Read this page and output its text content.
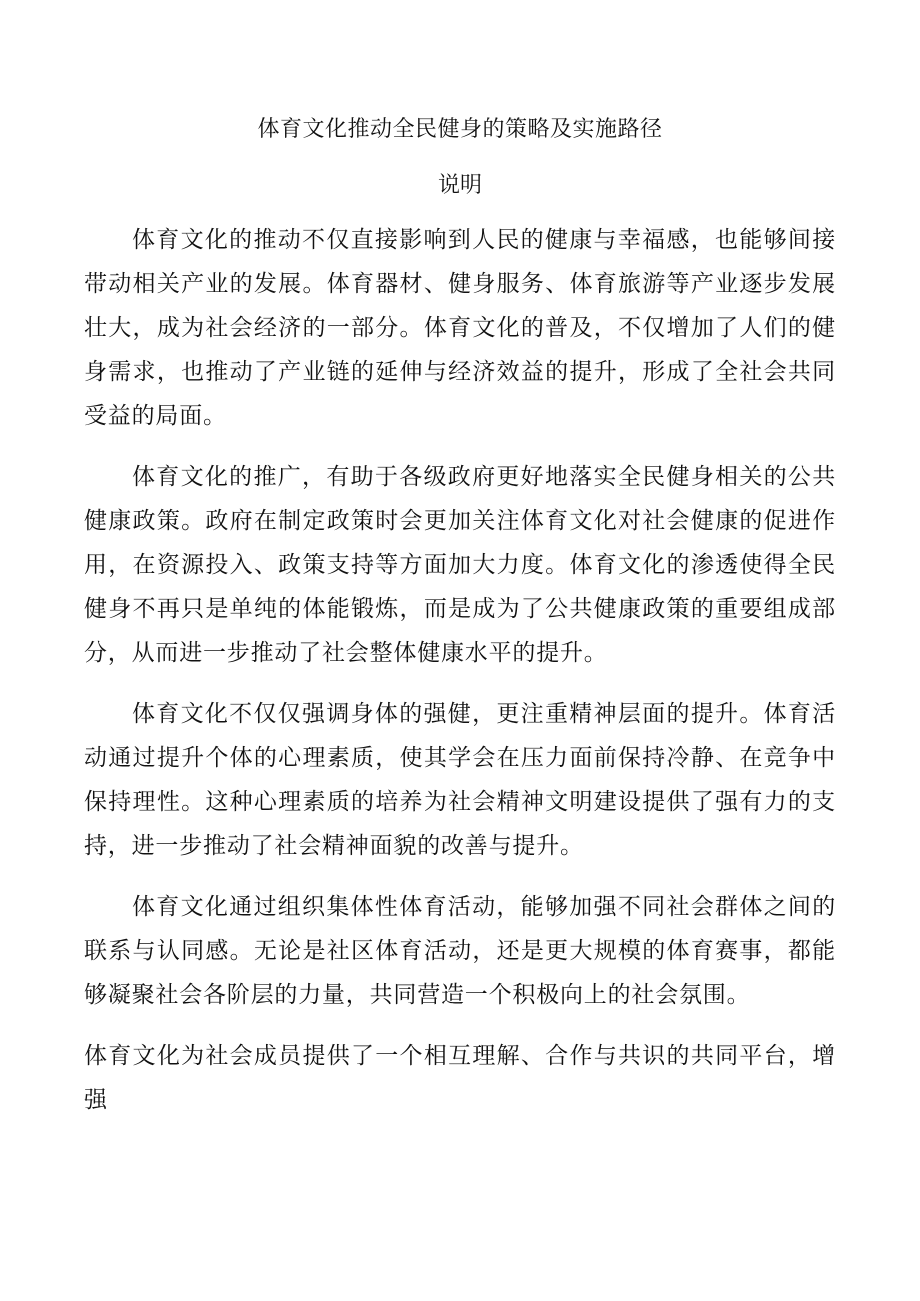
体育文化推动全民健身的策略及实施路径
说明

体育文化的推动不仅直接影响到人民的健康与幸福感，也能够间接带动相关产业的发展。体育器材、健身服务、体育旅游等产业逐步发展壮大，成为社会经济的一部分。体育文化的普及，不仅增加了人们的健身需求，也推动了产业链的延伸与经济效益的提升，形成了全社会共同受益的局面。

体育文化的推广，有助于各级政府更好地落实全民健身相关的公共健康政策。政府在制定政策时会更加关注体育文化对社会健康的促进作用，在资源投入、政策支持等方面加大力度。体育文化的渗透使得全民健身不再只是单纯的体能锻炼，而是成为了公共健康政策的重要组成部分，从而进一步推动了社会整体健康水平的提升。

体育文化不仅仅强调身体的强健，更注重精神层面的提升。体育活动通过提升个体的心理素质，使其学会在压力面前保持冷静、在竞争中保持理性。这种心理素质的培养为社会精神文明建设提供了强有力的支持，进一步推动了社会精神面貌的改善与提升。

体育文化通过组织集体性体育活动，能够加强不同社会群体之间的联系与认同感。无论是社区体育活动，还是更大规模的体育赛事，都能够凝聚社会各阶层的力量，共同营造一个积极向上的社会氛围。

体育文化为社会成员提供了一个相互理解、合作与共识的共同平台，增强
